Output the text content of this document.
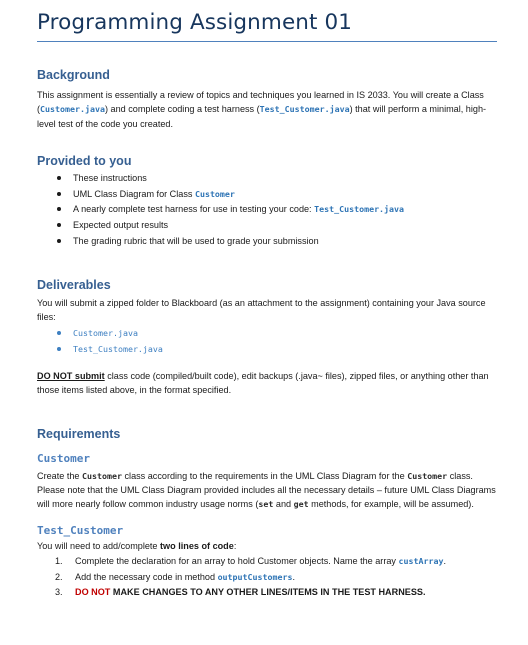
Programming Assignment 01
Background

This assignment is essentially a review of topics and techniques you learned in IS 2033. You will create a Class (Customer.java) and complete coding a test harness (Test_Customer.java) that will perform a minimal, high-level test of the code you created.

Provided to you
These instructions
UML Class Diagram for Class Customer
A nearly complete test harness for use in testing your code: Test_Customer.java
Expected output results
The grading rubric that will be used to grade your submission
Deliverables

You will submit a zipped folder to Blackboard (as an attachment to the assignment) containing your Java source files:

Customer.java
Test_Customer.java

DO NOT submit class code (compiled/built code), edit backups (.java~ files), zipped files, or anything other than those items listed above, in the format specified.

Requirements
Customer

Create the Customer class according to the requirements in the UML Class Diagram for the Customer class. Please note that the UML Class Diagram provided includes all the necessary details – future UML Class Diagrams will more nearly follow common industry usage norms (set and get methods, for example, will be assumed).

Test_Customer

You will need to add/complete two lines of code:

1. Complete the declaration for an array to hold Customer objects. Name the array custArray.
2. Add the necessary code in method outputCustomers.
3. DO NOT MAKE CHANGES TO ANY OTHER LINES/ITEMS IN THE TEST HARNESS.
